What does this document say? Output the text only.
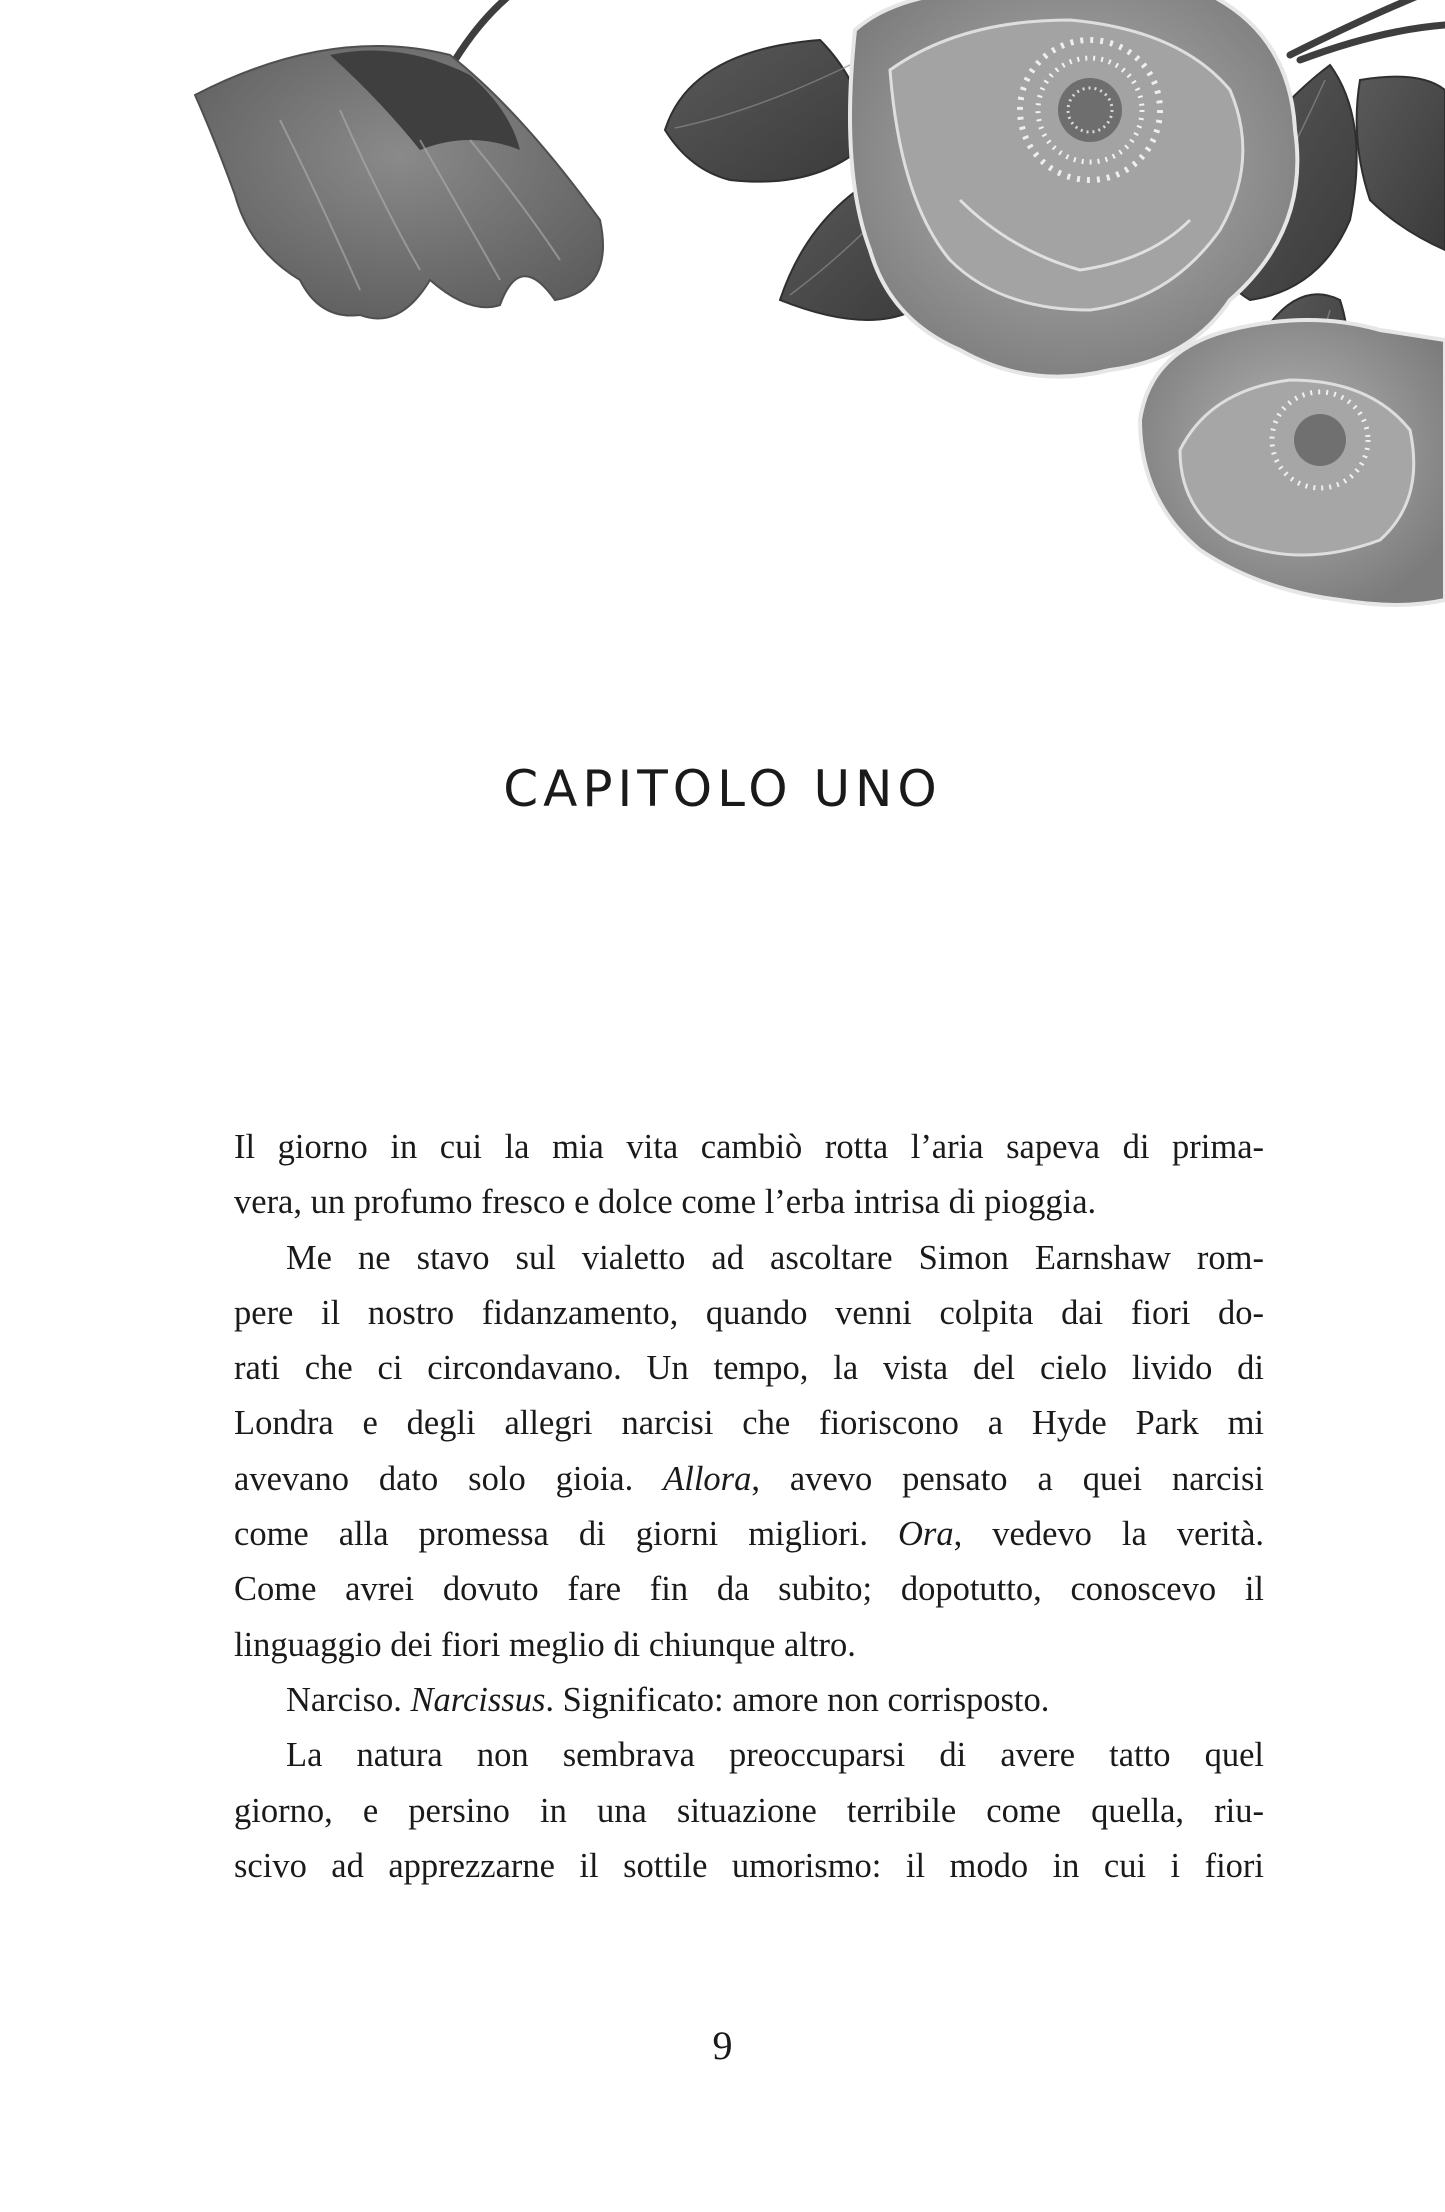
CAPITOLO UNO

Il giorno in cui la mia vita cambiò rotta l’aria sapeva di prima-

vera, un profumo fresco e dolce come l’erba intrisa di pioggia.

Me ne stavo sul vialetto ad ascoltare Simon Earnshaw rom-

pere il nostro fidanzamento, quando venni colpita dai fiori do-

rati che ci circondavano. Un tempo, la vista del cielo livido di

Londra e degli allegri narcisi che fioriscono a Hyde Park mi

avevano dato solo gioia. Allora, avevo pensato a quei narcisi

come alla promessa di giorni migliori. Ora, vedevo la verità.

Come avrei dovuto fare fin da subito; dopotutto, conoscevo il

linguaggio dei fiori meglio di chiunque altro.

Narciso. Narcissus. Significato: amore non corrisposto.

La natura non sembrava preoccuparsi di avere tatto quel

giorno, e persino in una situazione terribile come quella, riu-

scivo ad apprezzarne il sottile umorismo: il modo in cui i fiori

9
